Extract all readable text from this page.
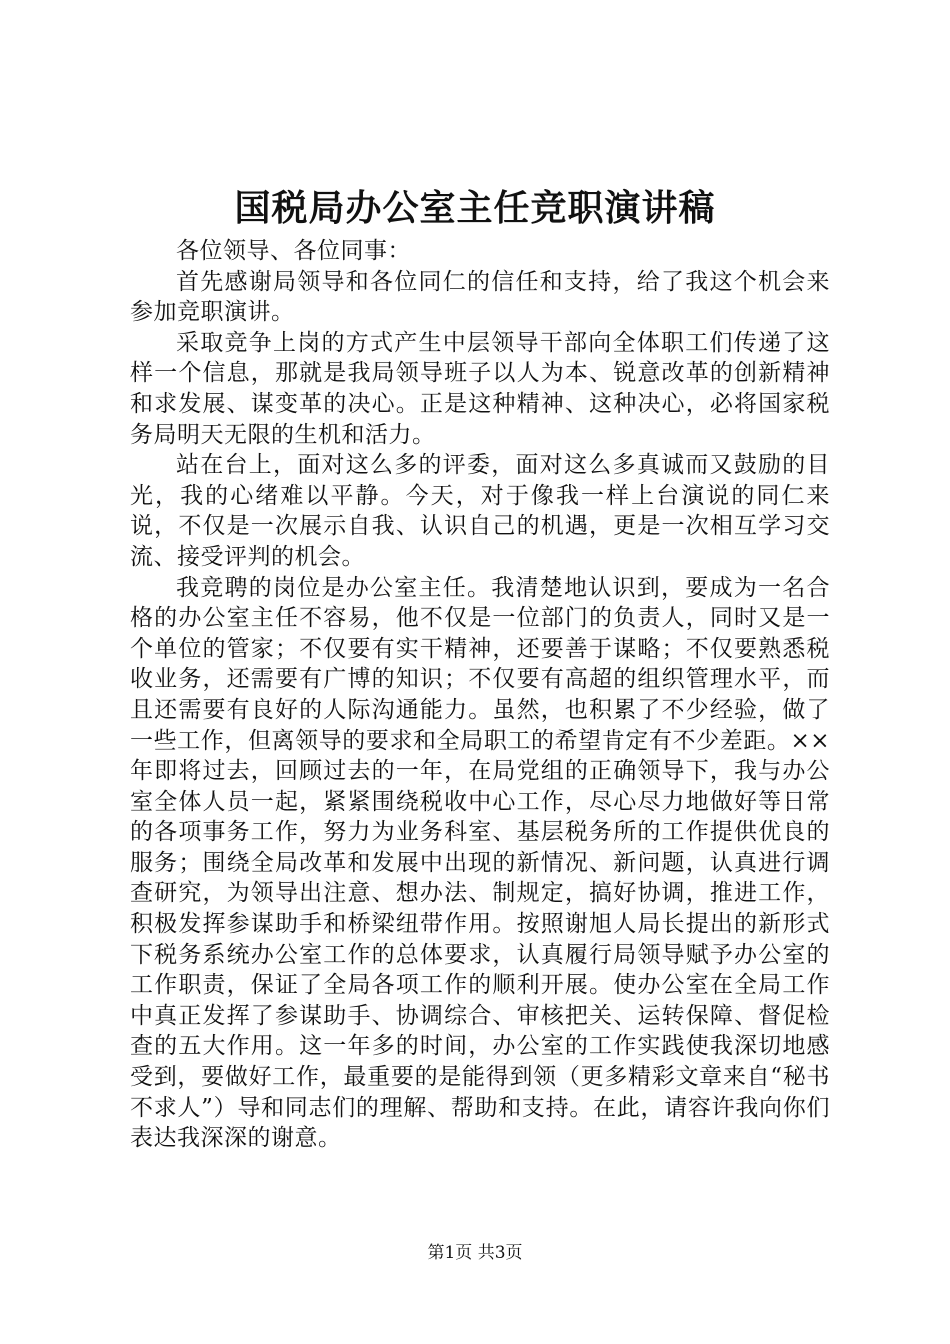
国税局办公室主任竞职演讲稿

各位领导、各位同事：

首先感谢局领导和各位同仁的信任和支持，给了我这个机会来参加竞职演讲。

采取竞争上岗的方式产生中层领导干部向全体职工们传递了这样一个信息，那就是我局领导班子以人为本、锐意改革的创新精神和求发展、谋变革的决心。正是这种精神、这种决心，必将国家税务局明天无限的生机和活力。

站在台上，面对这么多的评委，面对这么多真诚而又鼓励的目光，我的心绪难以平静。今天，对于像我一样上台演说的同仁来说，不仅是一次展示自我、认识自己的机遇，更是一次相互学习交流、接受评判的机会。

我竞聘的岗位是办公室主任。我清楚地认识到，要成为一名合格的办公室主任不容易，他不仅是一位部门的负责人，同时又是一个单位的管家；不仅要有实干精神，还要善于谋略；不仅要熟悉税收业务，还需要有广博的知识；不仅要有高超的组织管理水平，而且还需要有良好的人际沟通能力。虽然，也积累了不少经验，做了一些工作，但离领导的要求和全局职工的希望肯定有不少差距。××年即将过去，回顾过去的一年，在局党组的正确领导下，我与办公室全体人员一起，紧紧围绕税收中心工作，尽心尽力地做好等日常的各项事务工作，努力为业务科室、基层税务所的工作提供优良的服务；围绕全局改革和发展中出现的新情况、新问题，认真进行调查研究，为领导出注意、想办法、制规定，搞好协调，推进工作，积极发挥参谋助手和桥梁纽带作用。按照谢旭人局长提出的新形式下税务系统办公室工作的总体要求，认真履行局领导赋予办公室的工作职责，保证了全局各项工作的顺利开展。使办公室在全局工作中真正发挥了参谋助手、协调综合、审核把关、运转保障、督促检查的五大作用。这一年多的时间，办公室的工作实践使我深切地感受到，要做好工作，最重要的是能得到领（更多精彩文章来自“秘书不求人”）导和同志们的理解、帮助和支持。在此，请容许我向你们表达我深深的谢意。

第1页 共3页
